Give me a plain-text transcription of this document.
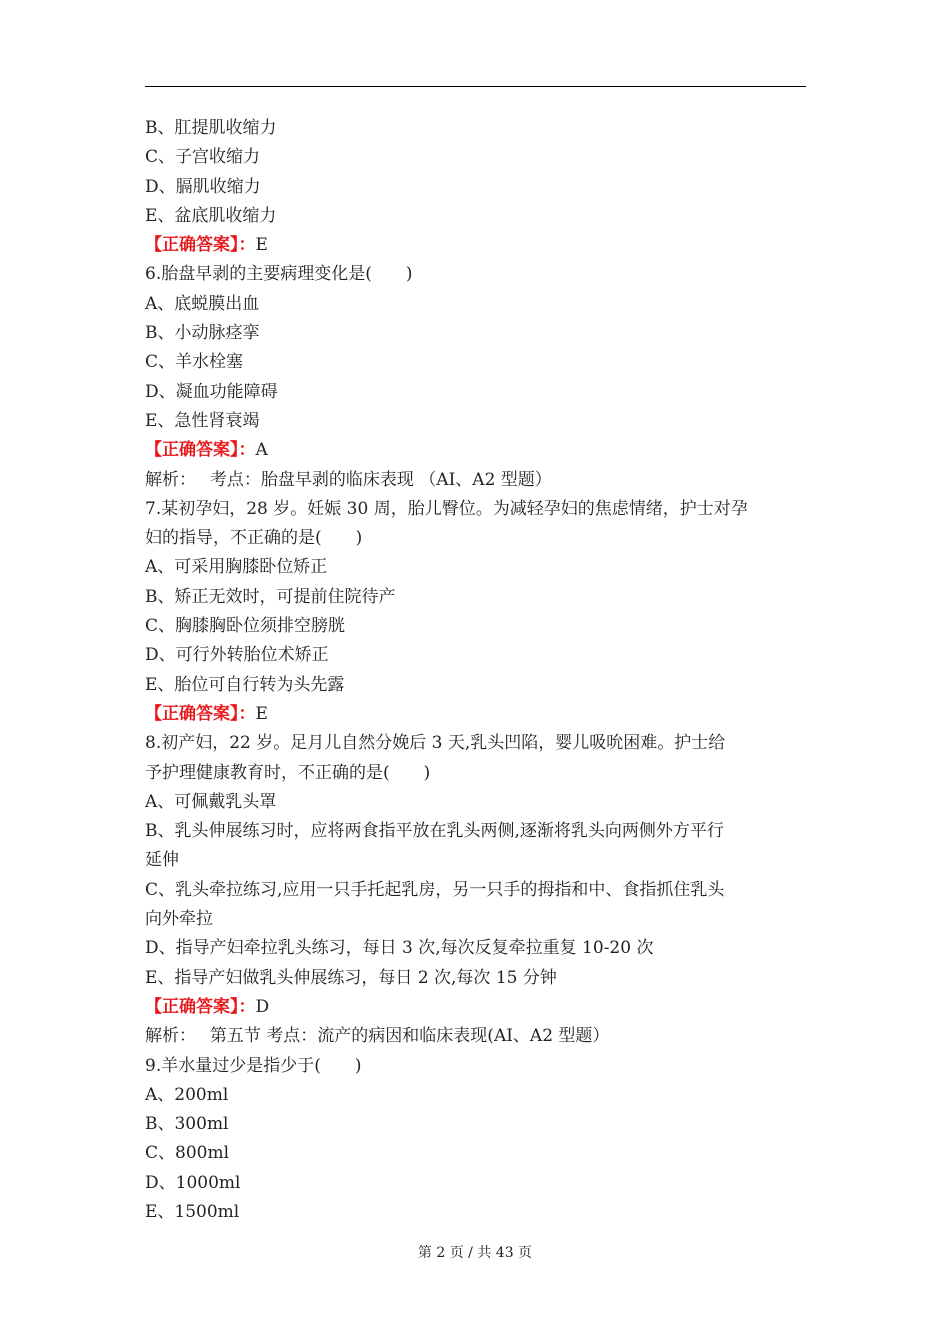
B、肛提肌收缩力
C、子宫收缩力
D、膈肌收缩力
E、盆底肌收缩力
【正确答案】：E
6.胎盘早剥的主要病理变化是(　　)
A、底蜕膜出血
B、小动脉痉挛
C、羊水栓塞
D、凝血功能障碍
E、急性肾衰竭
【正确答案】：A
解析：　 考点：胎盘早剥的临床表现 （AI、A2 型题）
7.某初孕妇，28 岁。妊娠 30 周，胎儿臀位。为减轻孕妇的焦虑情绪，护士对孕
妇的指导，不正确的是(　　)
A、可采用胸膝卧位矫正
B、矫正无效时，可提前住院待产
C、胸膝胸卧位须排空膀胱
D、可行外转胎位术矫正
E、胎位可自行转为头先露
【正确答案】：E
8.初产妇，22 岁。足月儿自然分娩后 3 天,乳头凹陷，婴儿吸吮困难。护士给
予护理健康教育时，不正确的是(　　)
A、可佩戴乳头罩
B、乳头伸展练习时，应将两食指平放在乳头两侧,逐渐将乳头向两侧外方平行
延伸
C、乳头牵拉练习,应用一只手托起乳房，另一只手的拇指和中、食指抓住乳头
向外牵拉
D、指导产妇牵拉乳头练习，每日 3 次,每次反复牵拉重复 10-20 次
E、指导产妇做乳头伸展练习，每日 2 次,每次 15 分钟
【正确答案】：D
解析：　 第五节 考点：流产的病因和临床表现(AI、A2 型题）
9.羊水量过少是指少于(　　)
A、200ml
B、300ml
C、800ml
D、1000ml
E、1500ml
第 2 页 / 共 43 页
